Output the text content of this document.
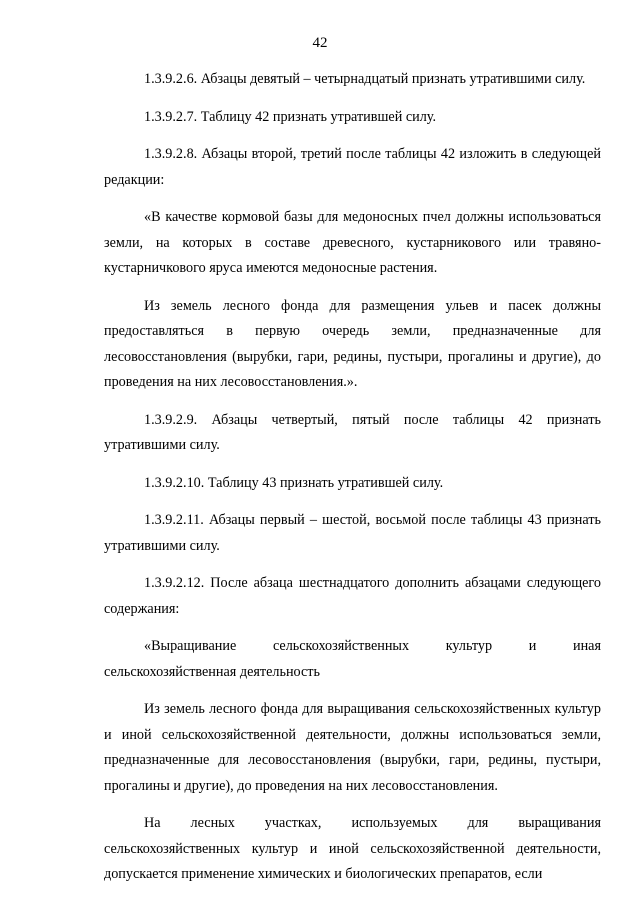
42

1.3.9.2.6. Абзацы девятый – четырнадцатый признать утратившими силу.

1.3.9.2.7. Таблицу 42 признать утратившей силу.

1.3.9.2.8. Абзацы второй, третий после таблицы 42 изложить в следующей редакции:

«В качестве кормовой базы для медоносных пчел должны использоваться земли, на которых в составе древесного, кустарникового или травяно-кустарничкового яруса имеются медоносные растения.

Из земель лесного фонда для размещения ульев и пасек должны предоставляться в первую очередь земли, предназначенные для лесовосстановления (вырубки, гари, редины, пустыри, прогалины и другие), до проведения на них лесовосстановления.».

1.3.9.2.9. Абзацы четвертый, пятый после таблицы 42 признать утратившими силу.

1.3.9.2.10. Таблицу 43 признать утратившей силу.

1.3.9.2.11. Абзацы первый – шестой, восьмой после таблицы 43 признать утратившими силу.

1.3.9.2.12. После абзаца шестнадцатого дополнить абзацами следующего содержания:

«Выращивание сельскохозяйственных культур и иная сельскохозяйственная деятельность

Из земель лесного фонда для выращивания сельскохозяйственных культур и иной сельскохозяйственной деятельности, должны использоваться земли, предназначенные для лесовосстановления (вырубки, гари, редины, пустыри, прогалины и другие), до проведения на них лесовосстановления.

На лесных участках, используемых для выращивания сельскохозяйственных культур и иной сельскохозяйственной деятельности, допускается применение химических и биологических препаратов, если
